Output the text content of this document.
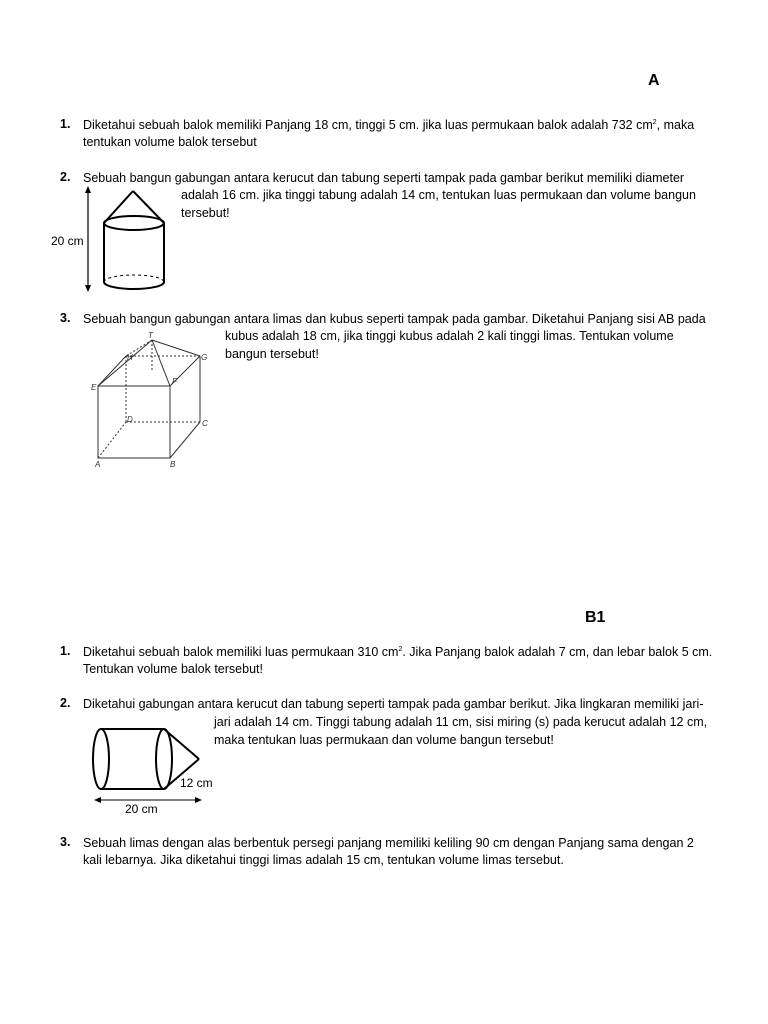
A
1. Diketahui sebuah balok memiliki Panjang 18 cm, tinggi 5 cm. jika luas permukaan balok adalah 732 $cm^2$, maka
tentukan volume balok tersebut
2. Sebuah bangun gabungan antara kerucut dan tabung seperti tampak pada gambar berikut memiliki diameter
adalah 16 cm. jika tinggi tabung adalah 14 cm, tentukan luas permukaan dan volume bangun
tersebut!
20 cm
3. Sebuah bangun gabungan antara limas dan kubus seperti tampak pada gambar. Diketahui Panjang sisi AB pada
kubus adalah 18 cm, jika tinggi kubus adalah 2 kali tinggi limas. Tentukan volume
bangun tersebut!
T
H	G
E
F
D	C
A	B
B1
1. Diketahui sebuah balok memiliki luas permukaan 310 $cm^2$. Jika Panjang balok adalah 7 cm, dan lebar balok 5 cm.
Tentukan volume balok tersebut!
2. Diketahui gabungan antara kerucut dan tabung seperti tampak pada gambar berikut. Jika lingkaran memiliki jari-
jari adalah 14 cm. Tinggi tabung adalah 11 cm, sisi miring (s) pada kerucut adalah 12 cm,
maka tentukan luas permukaan dan volume bangun tersebut!
12 cm
20 cm
3. Sebuah limas dengan alas berbentuk persegi panjang memiliki keliling 90 cm dengan Panjang sama dengan 2
kali lebarnya. Jika diketahui tinggi limas adalah 15 cm, tentukan volume limas tersebut.
